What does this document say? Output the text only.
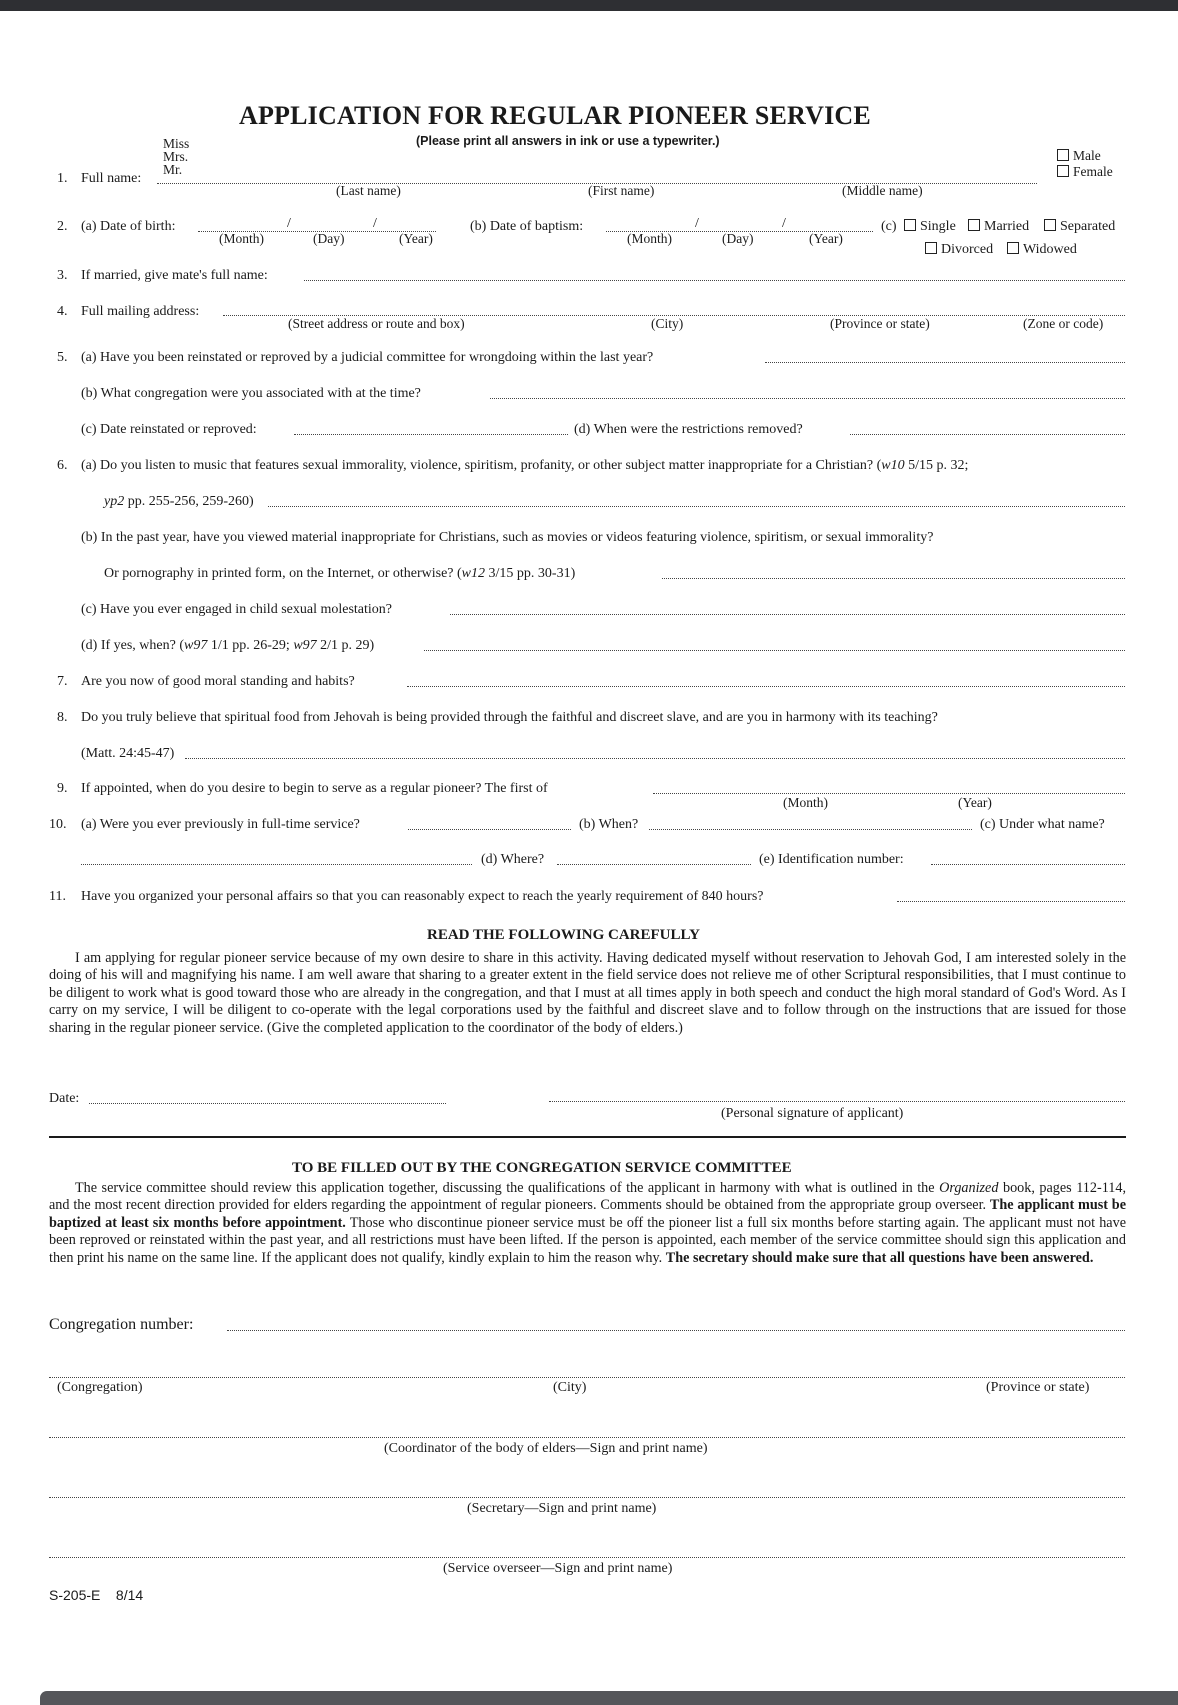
APPLICATION FOR REGULAR PIONEER SERVICE
(Please print all answers in ink or use a typewriter.)
Miss
Mrs.
Mr.
1. Full name:
(Last name)	(First name)	(Middle name)
Male
Female
2. (a) Date of birth:	/	/
(Month)	(Day)	(Year)
(b) Date of baptism:	/	/
(Month)	(Day)	(Year)
(c)	Single	Married	Separated
Divorced	Widowed
3. If married, give mate's full name:
4. Full mailing address:
(Street address or route and box)	(City)	(Province or state)	(Zone or code)
5. (a) Have you been reinstated or reproved by a judicial committee for wrongdoing within the last year?
(b) What congregation were you associated with at the time?
(c) Date reinstated or reproved:	(d) When were the restrictions removed?
6. (a) Do you listen to music that features sexual immorality, violence, spiritism, profanity, or other subject matter inappropriate for a Christian? (w10 5/15 p. 32;
yp2 pp. 255-256, 259-260)
(b) In the past year, have you viewed material inappropriate for Christians, such as movies or videos featuring violence, spiritism, or sexual immorality?
Or pornography in printed form, on the Internet, or otherwise? (w12 3/15 pp. 30-31)
(c) Have you ever engaged in child sexual molestation?
(d) If yes, when? (w97 1/1 pp. 26-29; w97 2/1 p. 29)
7. Are you now of good moral standing and habits?
8. Do you truly believe that spiritual food from Jehovah is being provided through the faithful and discreet slave, and are you in harmony with its teaching?
(Matt. 24:45-47)
9. If appointed, when do you desire to begin to serve as a regular pioneer? The first of
(Month)	(Year)
10. (a) Were you ever previously in full-time service?	(b) When?	(c) Under what name?
(d) Where?	(e) Identification number:
11. Have you organized your personal affairs so that you can reasonably expect to reach the yearly requirement of 840 hours?
READ THE FOLLOWING CAREFULLY
I am applying for regular pioneer service because of my own desire to share in this activity. Having dedicated myself without reservation to Jehovah God, I am interested solely in the doing of his will and magnifying his name. I am well aware that sharing to a greater extent in the field service does not relieve me of other Scriptural responsibilities, that I must continue to be diligent to work what is good toward those who are already in the congregation, and that I must at all times apply in both speech and conduct the high moral standard of God's Word. As I carry on my service, I will be diligent to co-operate with the legal corporations used by the faithful and discreet slave and to follow through on the instructions that are issued for those sharing in the regular pioneer service. (Give the completed application to the coordinator of the body of elders.)
Date:
(Personal signature of applicant)
TO BE FILLED OUT BY THE CONGREGATION SERVICE COMMITTEE
The service committee should review this application together, discussing the qualifications of the applicant in harmony with what is outlined in the Organized book, pages 112-114, and the most recent direction provided for elders regarding the appointment of regular pioneers. Comments should be obtained from the appropriate group overseer. The applicant must be baptized at least six months before appointment. Those who discontinue pioneer service must be off the pioneer list a full six months before starting again. The applicant must not have been reproved or reinstated within the past year, and all restrictions must have been lifted. If the person is appointed, each member of the service committee should sign this application and then print his name on the same line. If the applicant does not qualify, kindly explain to him the reason why. The secretary should make sure that all questions have been answered.
Congregation number:
(Congregation)	(City)	(Province or state)
(Coordinator of the body of elders—Sign and print name)
(Secretary—Sign and print name)
(Service overseer—Sign and print name)
S-205-E 8/14
